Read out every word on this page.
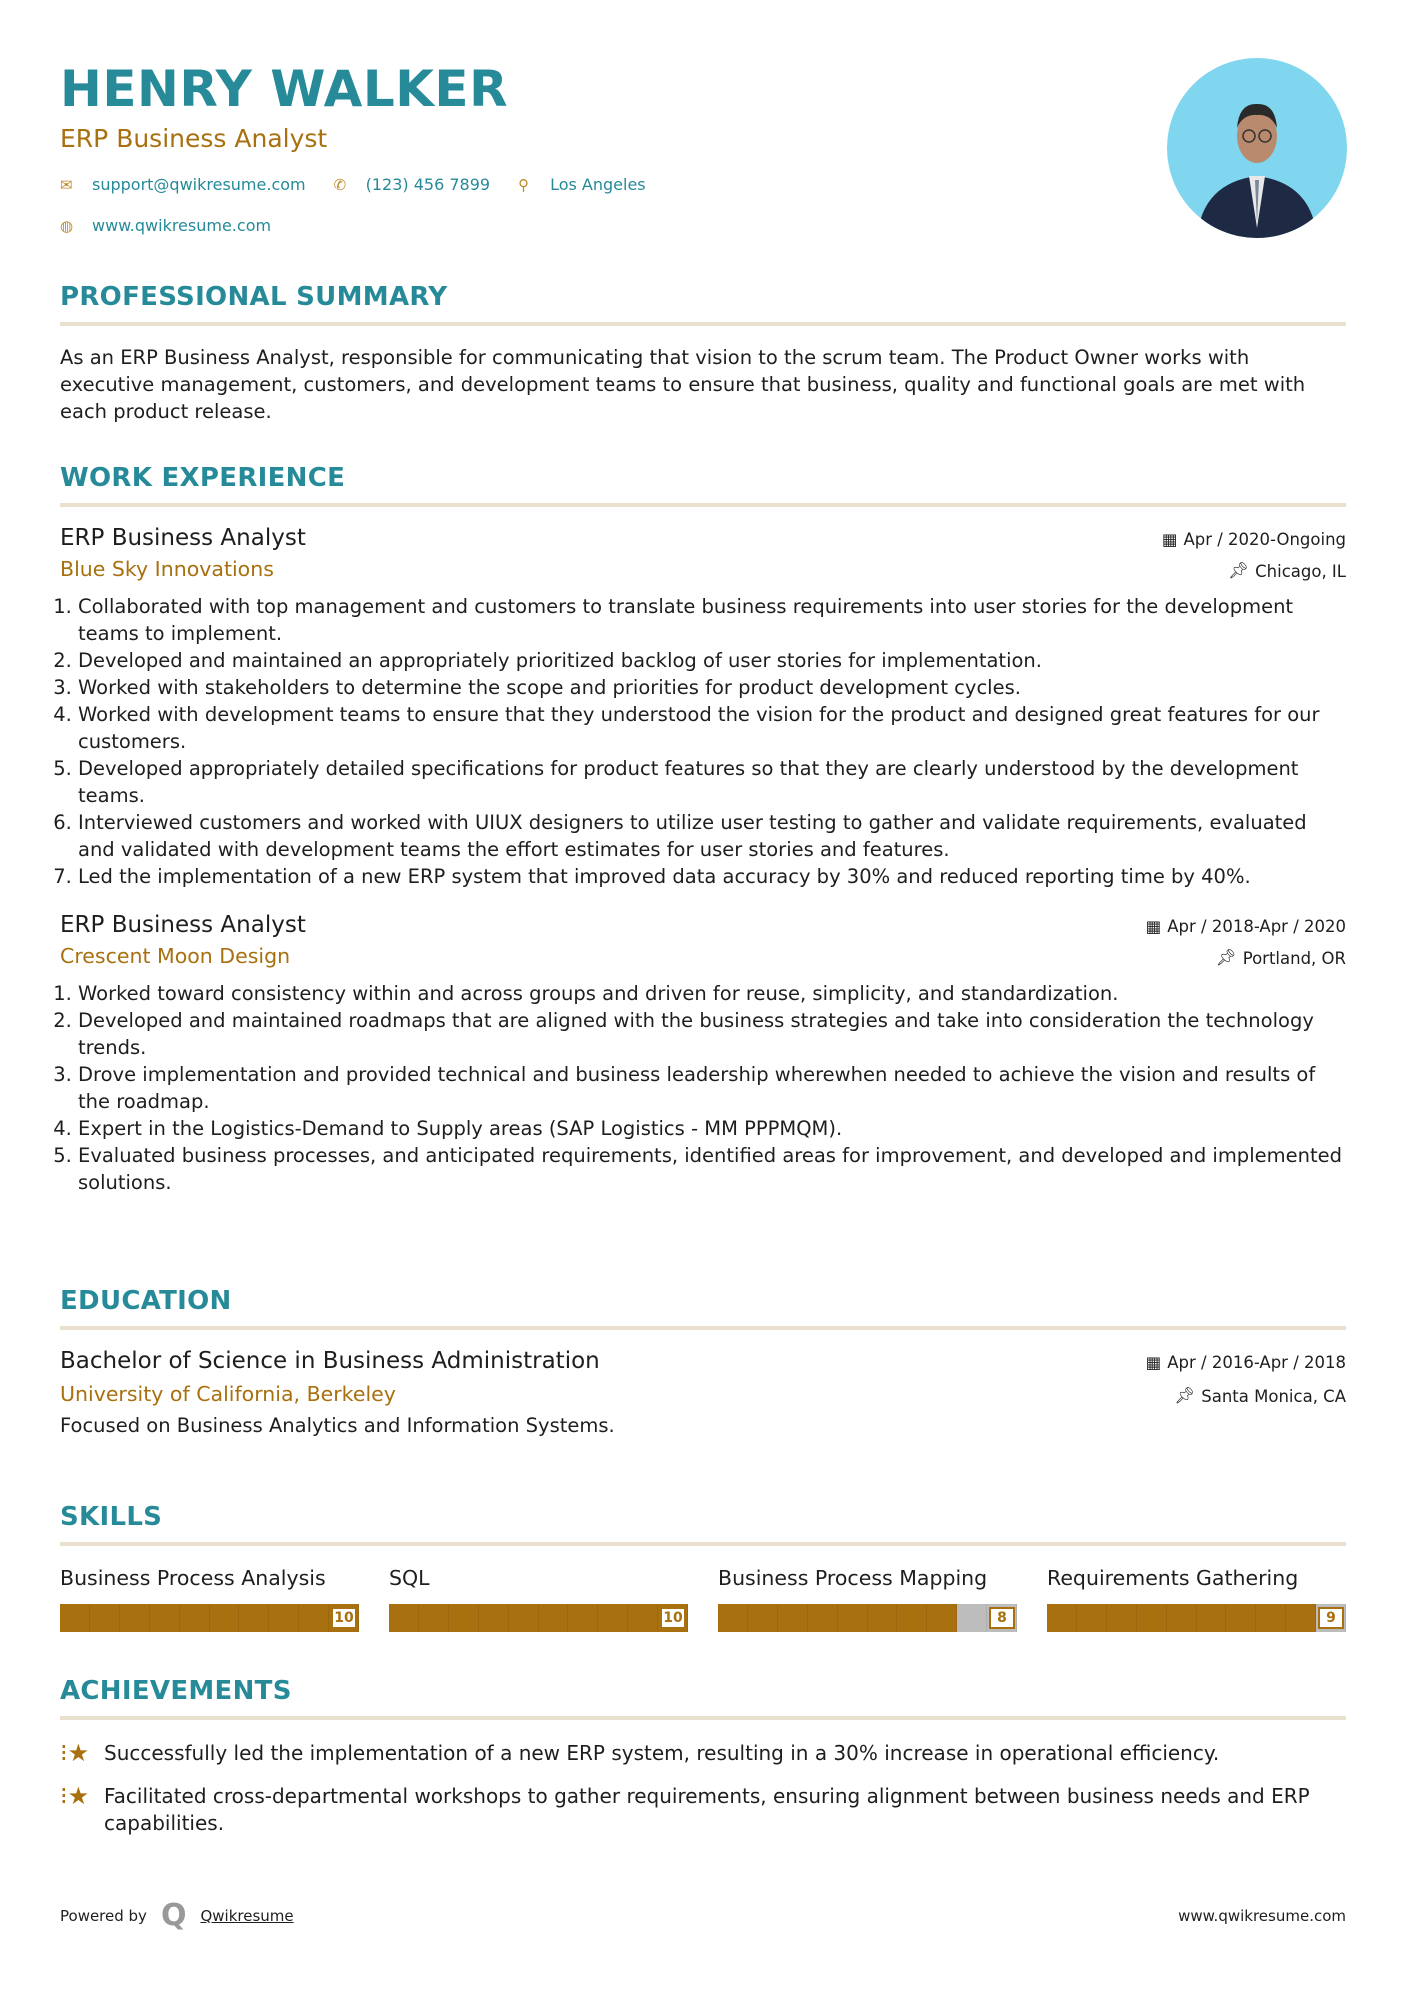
HENRY WALKER
ERP Business Analyst
✉	support@qwikresume.com ✆	(123) 456 7899 ⚲	Los Angeles
◍	www.qwikresume.com
PROFESSIONAL SUMMARY
As an ERP Business Analyst, responsible for communicating that vision to the scrum team. The Product Owner works with executive management, customers, and development teams to ensure that business, quality and functional goals are met with each product release.
WORK EXPERIENCE
ERP Business Analyst	▦ Apr / 2020-Ongoing
Blue Sky Innovations	📌︎ Chicago, IL
1. Collaborated with top management and customers to translate business requirements into user stories for the development teams to implement.
2. Developed and maintained an appropriately prioritized backlog of user stories for implementation.
3. Worked with stakeholders to determine the scope and priorities for product development cycles.
4. Worked with development teams to ensure that they understood the vision for the product and designed great features for our customers.
5. Developed appropriately detailed specifications for product features so that they are clearly understood by the development teams.
6. Interviewed customers and worked with UIUX designers to utilize user testing to gather and validate requirements, evaluated and validated with development teams the effort estimates for user stories and features.
7. Led the implementation of a new ERP system that improved data accuracy by 30% and reduced reporting time by 40%.
ERP Business Analyst	▦ Apr / 2018-Apr / 2020
Crescent Moon Design	📌︎ Portland, OR
1. Worked toward consistency within and across groups and driven for reuse, simplicity, and standardization.
2. Developed and maintained roadmaps that are aligned with the business strategies and take into consideration the technology trends.
3. Drove implementation and provided technical and business leadership wherewhen needed to achieve the vision and results of the roadmap.
4. Expert in the Logistics-Demand to Supply areas (SAP Logistics - MM PPPMQM).
5. Evaluated business processes, and anticipated requirements, identified areas for improvement, and developed and implemented solutions.
EDUCATION
Bachelor of Science in Business Administration	▦ Apr / 2016-Apr / 2018
University of California, Berkeley	📌︎ Santa Monica, CA
Focused on Business Analytics and Information Systems.
SKILLS
Business Process Analysis
10
SQL
10
Business Process Mapping
8
Requirements Gathering
9
ACHIEVEMENTS
⁝★ Successfully led the implementation of a new ERP system, resulting in a 30% increase in operational efficiency.
⁝★ Facilitated cross-departmental workshops to gather requirements, ensuring alignment between business needs and ERP capabilities.
Powered by Q Qwikresume	www.qwikresume.com
